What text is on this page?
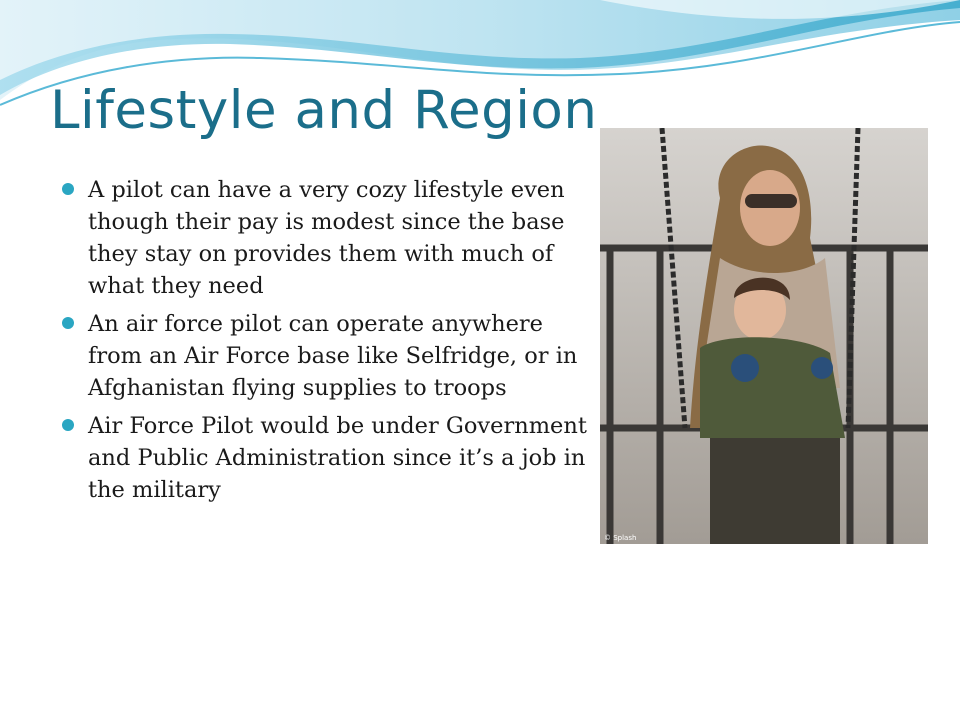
Lifestyle and Region
A pilot can have a very cozy lifestyle even though their pay is modest since the base they stay on provides them with much of what they need
An air force pilot can operate anywhere from an Air Force base like Selfridge, or in Afghanistan flying supplies to troops
Air Force Pilot would be under Government and Public Administration since it’s a job in the military
© Splash
